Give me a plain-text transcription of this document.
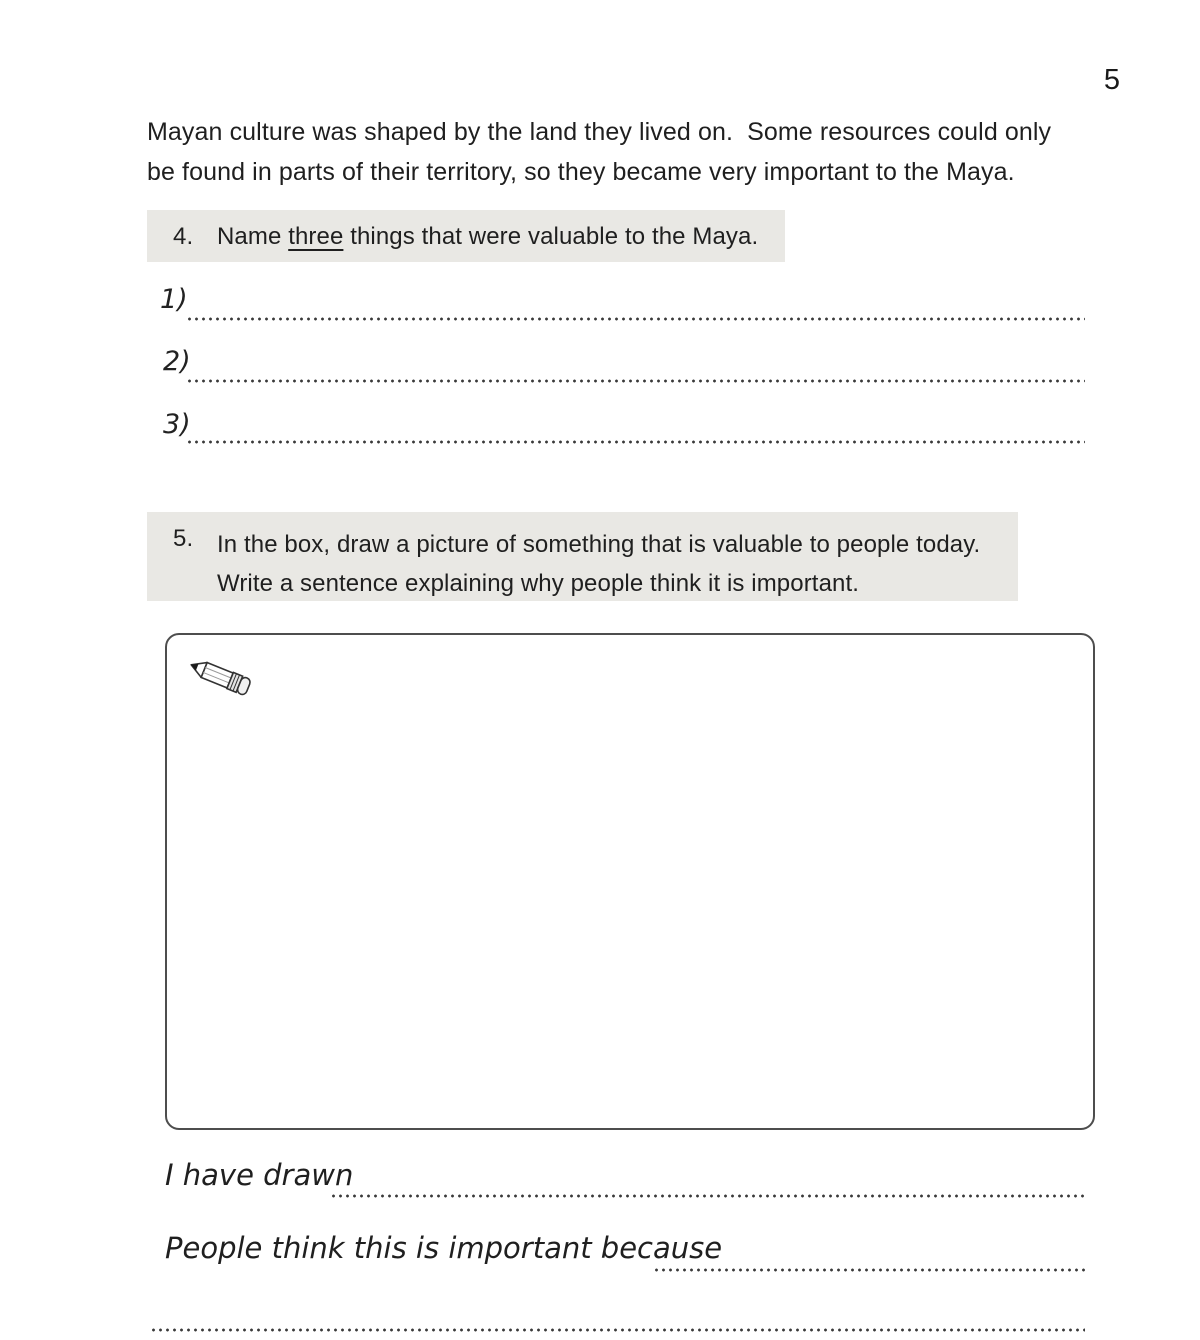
5
Mayan culture was shaped by the land they lived on.  Some resources could only
be found in parts of their territory, so they became very important to the Maya.
4. Name three things that were valuable to the Maya.
1)
2)
3)
5. In the box, draw a picture of something that is valuable to people today.
Write a sentence explaining why people think it is important.
I have drawn
People think this is important because
